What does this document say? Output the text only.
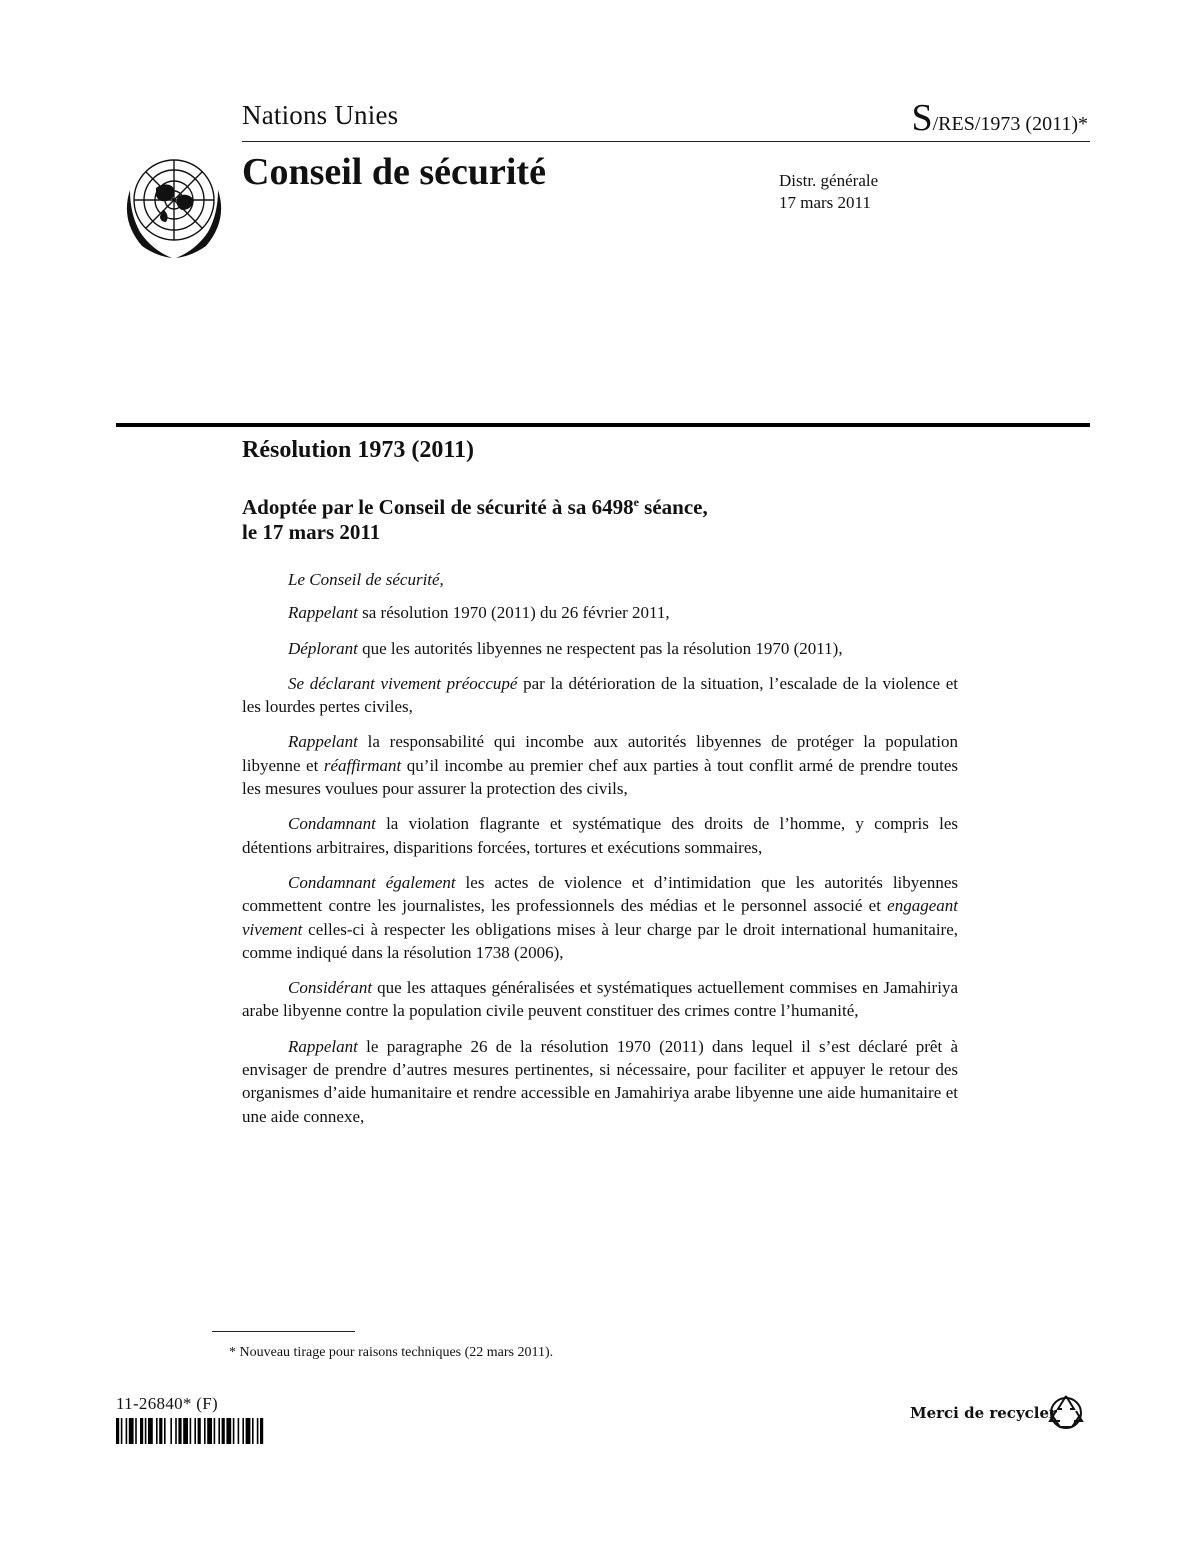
Nations Unies	S/RES/1973 (2011)*
Conseil de sécurité	Distr. générale
17 mars 2011
Résolution 1973 (2011)
Adoptée par le Conseil de sécurité à sa 6498e séance,
le 17 mars 2011

Le Conseil de sécurité,

Rappelant sa résolution 1970 (2011) du 26 février 2011,

Déplorant que les autorités libyennes ne respectent pas la résolution 1970 (2011),

Se déclarant vivement préoccupé par la détérioration de la situation, l’escalade de la violence et les lourdes pertes civiles,

Rappelant la responsabilité qui incombe aux autorités libyennes de protéger la population libyenne et réaffirmant qu’il incombe au premier chef aux parties à tout conflit armé de prendre toutes les mesures voulues pour assurer la protection des civils,

Condamnant la violation flagrante et systématique des droits de l’homme, y compris les détentions arbitraires, disparitions forcées, tortures et exécutions sommaires,

Condamnant également les actes de violence et d’intimidation que les autorités libyennes commettent contre les journalistes, les professionnels des médias et le personnel associé et engageant vivement celles-ci à respecter les obligations mises à leur charge par le droit international humanitaire, comme indiqué dans la résolution 1738 (2006),

Considérant que les attaques généralisées et systématiques actuellement commises en Jamahiriya arabe libyenne contre la population civile peuvent constituer des crimes contre l’humanité,

Rappelant le paragraphe 26 de la résolution 1970 (2011) dans lequel il s’est déclaré prêt à envisager de prendre d’autres mesures pertinentes, si nécessaire, pour faciliter et appuyer le retour des organismes d’aide humanitaire et rendre accessible en Jamahiriya arabe libyenne une aide humanitaire et une aide connexe,

* Nouveau tirage pour raisons techniques (22 mars 2011).
11-26840* (F)	Merci de recycler
